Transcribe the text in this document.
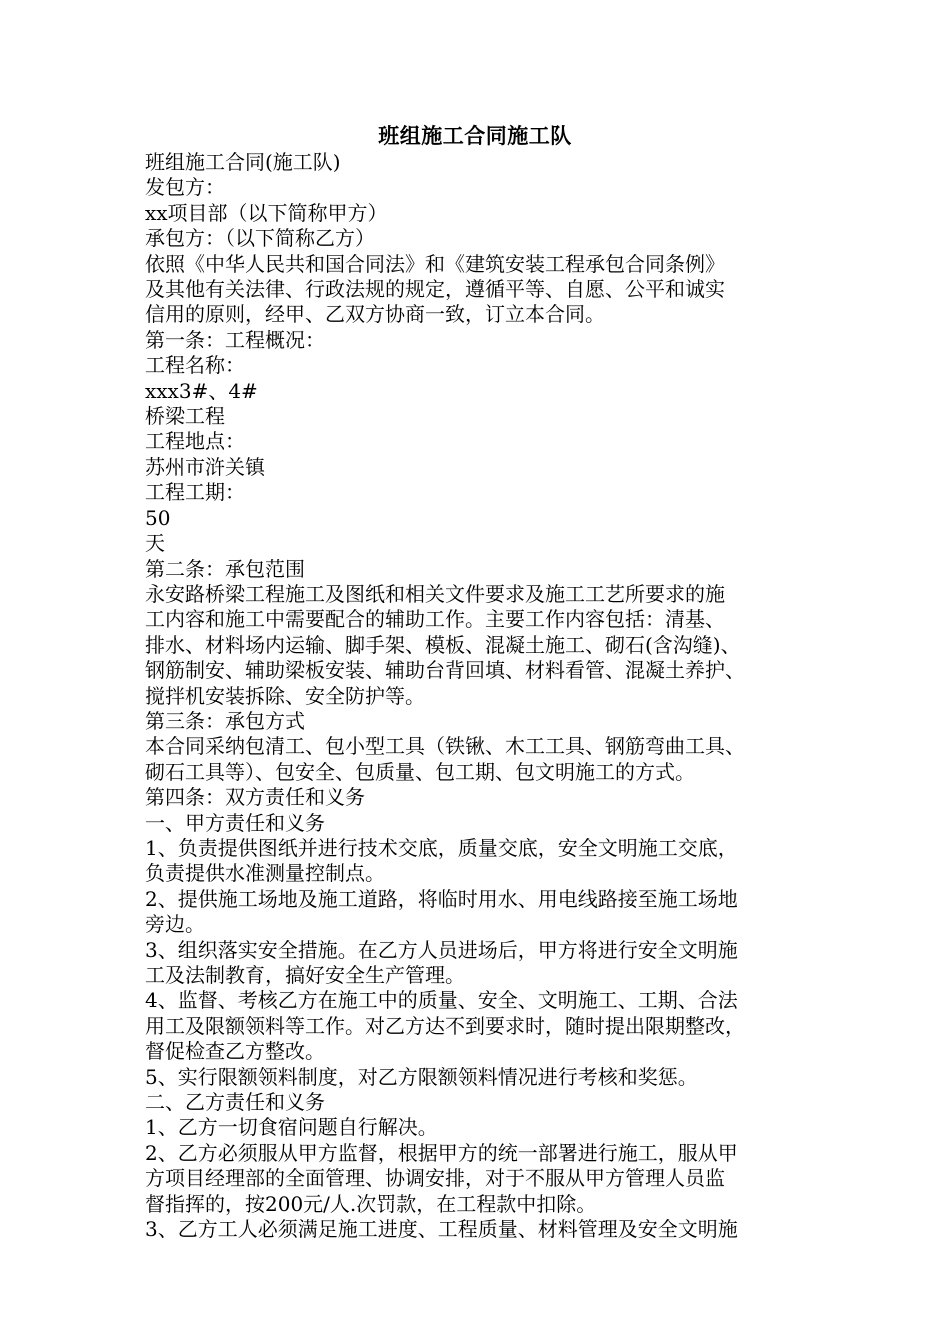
班组施工合同施工队
班组施工合同(施工队)
发包方：
xx项目部（以下简称甲方）
承包方：（以下简称乙方）
依照《中华人民共和国合同法》和《建筑安装工程承包合同条例》
及其他有关法律、行政法规的规定，遵循平等、自愿、公平和诚实
信用的原则，经甲、乙双方协商一致，订立本合同。
第一条：工程概况：
工程名称：
xxx3#、4#
桥梁工程
工程地点：
苏州市浒关镇
工程工期：
50
天
第二条：承包范围
永安路桥梁工程施工及图纸和相关文件要求及施工工艺所要求的施
工内容和施工中需要配合的辅助工作。主要工作内容包括：清基、
排水、材料场内运输、脚手架、模板、混凝土施工、砌石(含沟缝)、
钢筋制安、辅助梁板安装、辅助台背回填、材料看管、混凝土养护、
搅拌机安装拆除、安全防护等。
第三条：承包方式
本合同采纳包清工、包小型工具（铁锹、木工工具、钢筋弯曲工具、
砌石工具等）、包安全、包质量、包工期、包文明施工的方式。
第四条：双方责任和义务
一、甲方责任和义务
1、负责提供图纸并进行技术交底，质量交底，安全文明施工交底，
负责提供水准测量控制点。
2、提供施工场地及施工道路，将临时用水、用电线路接至施工场地
旁边。
3、组织落实安全措施。在乙方人员进场后，甲方将进行安全文明施
工及法制教育，搞好安全生产管理。
4、监督、考核乙方在施工中的质量、安全、文明施工、工期、合法
用工及限额领料等工作。对乙方达不到要求时，随时提出限期整改，
督促检查乙方整改。
5、实行限额领料制度，对乙方限额领料情况进行考核和奖惩。
二、乙方责任和义务
1、乙方一切食宿问题自行解决。
2、乙方必须服从甲方监督，根据甲方的统一部署进行施工，服从甲
方项目经理部的全面管理、协调安排，对于不服从甲方管理人员监
督指挥的，按200元/人.次罚款，在工程款中扣除。
3、乙方工人必须满足施工进度、工程质量、材料管理及安全文明施
